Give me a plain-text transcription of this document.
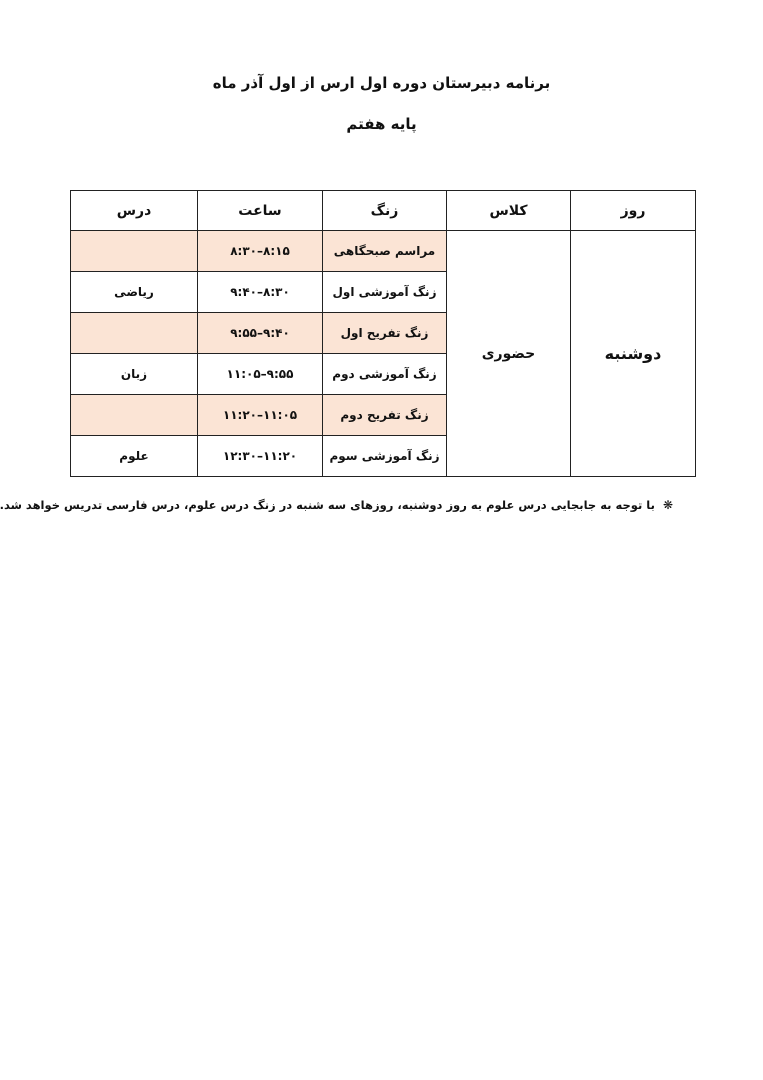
برنامه دبیرستان دوره اول ارس از اول آذر ماه
پایه هفتم
روز	کلاس	زنگ	ساعت	درس
دوشنبه	حضوری	مراسم صبحگاهی	۸:۱۵–۸:۳۰	
		زنگ آموزشی اول	۸:۳۰–۹:۴۰	ریاضی
		زنگ تفریح اول	۹:۴۰–۹:۵۵	
		زنگ آموزشی دوم	۹:۵۵–۱۱:۰۵	زبان
		زنگ تفریح دوم	۱۱:۰۵–۱۱:۲۰	
		زنگ آموزشی سوم	۱۱:۲۰–۱۲:۳۰	علوم
❋با توجه به جابجایی درس علوم به روز دوشنبه، روزهای سه شنبه در زنگ درس علوم، درس فارسی تدریس خواهد شد.
